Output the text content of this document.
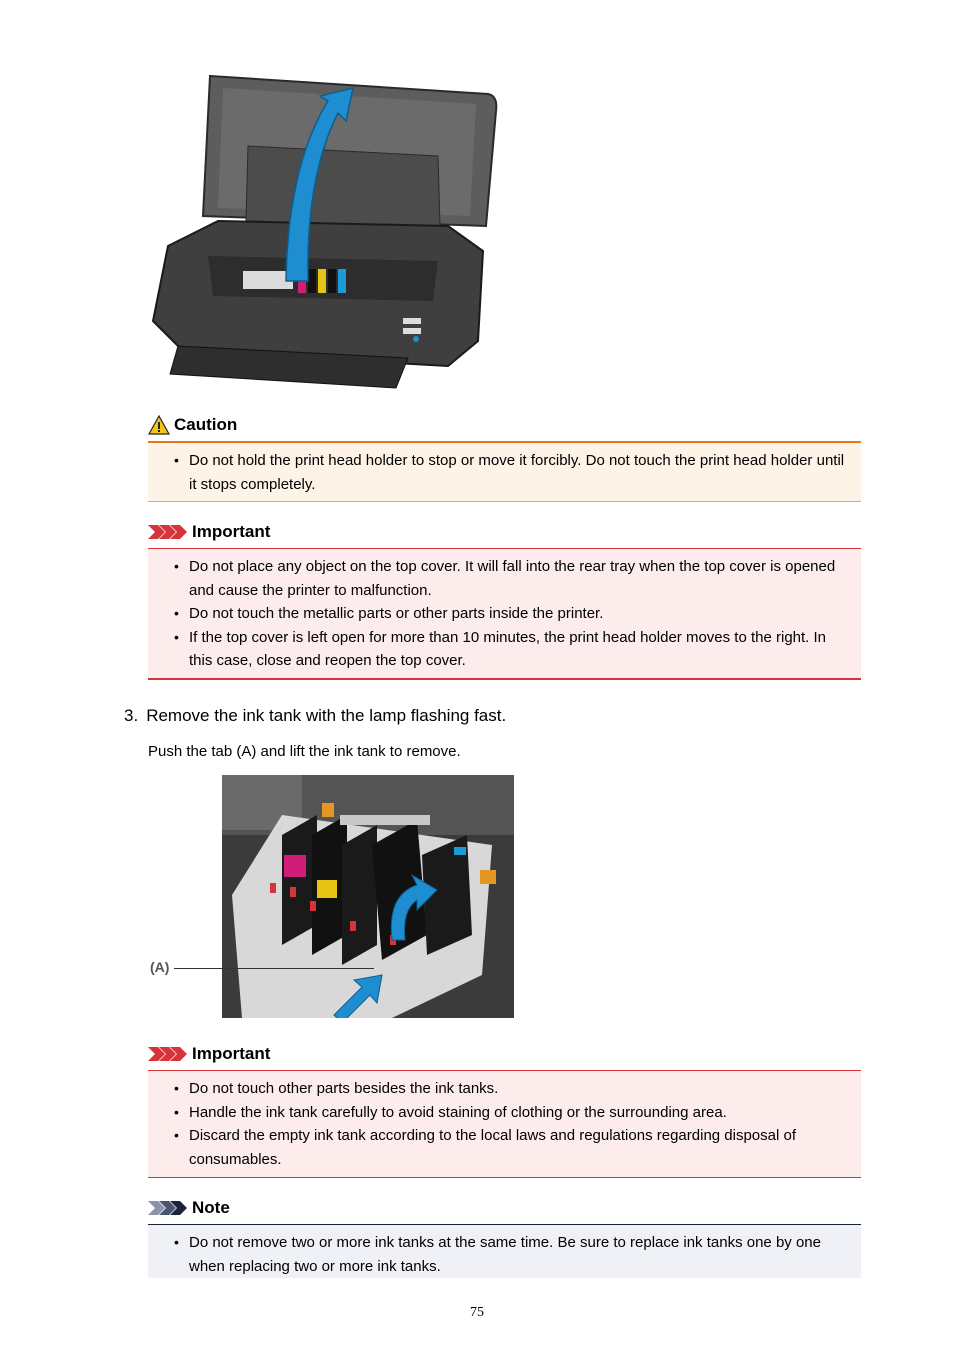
Caution
• Do not hold the print head holder to stop or move it forcibly. Do not touch the print head holder until it stops completely.
Important
• Do not place any object on the top cover. It will fall into the rear tray when the top cover is opened and cause the printer to malfunction.
• Do not touch the metallic parts or other parts inside the printer.
• If the top cover is left open for more than 10 minutes, the print head holder moves to the right. In this case, close and reopen the top cover.
3. Remove the ink tank with the lamp flashing fast.
Push the tab (A) and lift the ink tank to remove.
(A)
Important
• Do not touch other parts besides the ink tanks.
• Handle the ink tank carefully to avoid staining of clothing or the surrounding area.
• Discard the empty ink tank according to the local laws and regulations regarding disposal of consumables.
Note
• Do not remove two or more ink tanks at the same time. Be sure to replace ink tanks one by one when replacing two or more ink tanks.
75
